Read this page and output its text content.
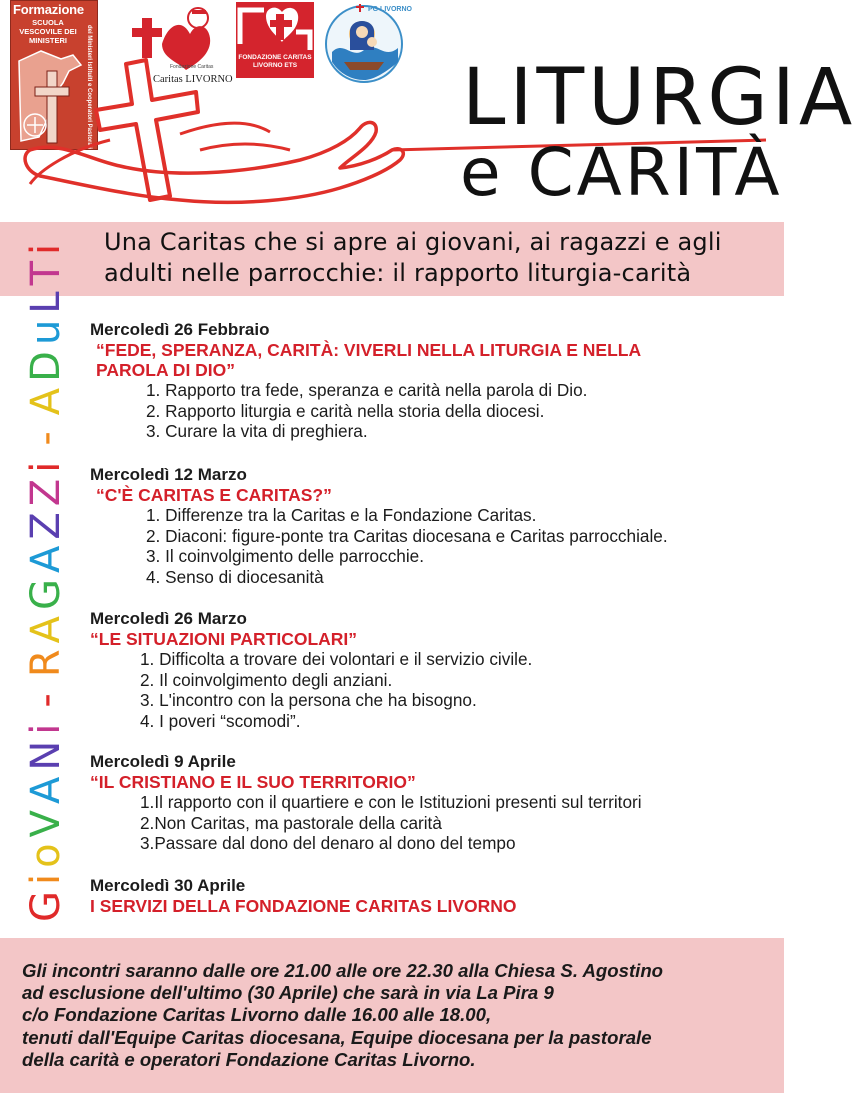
Formazione
SCUOLA VESCOVILE DEI MINISTERI	dei Ministeri Istituiti e Cooperatori Pastorali	Fondazione Caritas
Caritas LIVORNO
FONDAZIONE CARITAS LIVORNO ETS
PG LIVORNO
LITURGIA
e CARITÀ
Una Caritas che si apre ai giovani, ai ragazzi e agli adulti nelle parrocchie: il rapporto liturgia-carità
GioVANi-RAGAZZi-ADuLTi
Mercoledì 26 Febbraio
“FEDE, SPERANZA, CARITÀ: VIVERLI NELLA LITURGIA E NELLA PAROLA DI DIO”
1. Rapporto tra fede, speranza e carità nella parola di Dio.
2. Rapporto liturgia e carità nella storia della diocesi.
3. Curare la vita di preghiera.
Mercoledì 12 Marzo
“C'È CARITAS E CARITAS?”
1. Differenze tra la Caritas e la Fondazione Caritas.
2. Diaconi: figure-ponte tra Caritas diocesana e Caritas parrocchiale.
3. Il coinvolgimento delle parrocchie.
4. Senso di diocesanità
Mercoledì 26 Marzo
“LE SITUAZIONI PARTICOLARI”
1. Difficolta a trovare dei volontari e il servizio civile.
2. Il coinvolgimento degli anziani.
3. L'incontro con la persona che ha bisogno.
4. I poveri “scomodi”.
Mercoledì 9 Aprile
“IL CRISTIANO E IL SUO TERRITORIO”
1.Il rapporto con il quartiere e con le Istituzioni presenti sul territori
2.Non Caritas, ma pastorale della carità
3.Passare dal dono del denaro al dono del tempo
Mercoledì 30 Aprile
I SERVIZI DELLA FONDAZIONE CARITAS LIVORNO
Gli incontri saranno dalle ore 21.00 alle ore 22.30 alla Chiesa S. Agostino
ad esclusione dell'ultimo (30 Aprile) che sarà in via La Pira 9
c/o Fondazione Caritas Livorno dalle 16.00 alle 18.00,
tenuti dall'Equipe Caritas diocesana, Equipe diocesana per la pastorale
della carità e operatori Fondazione Caritas Livorno.
